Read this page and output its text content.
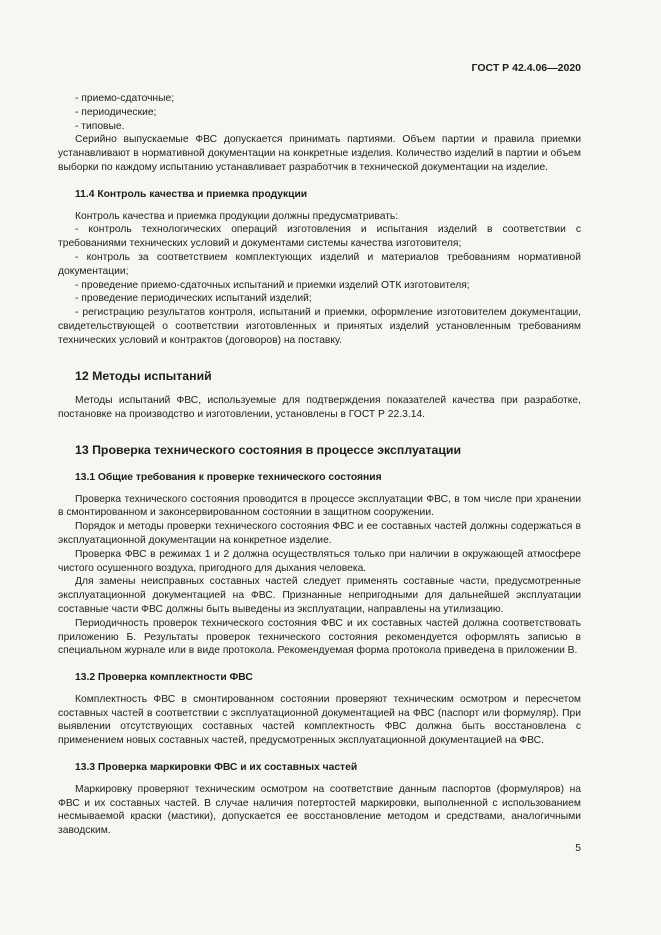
ГОСТ Р 42.4.06—2020

- приемо-сдаточные;

- периодические;

- типовые.

Серийно выпускаемые ФВС допускается принимать партиями. Объем партии и правила приемки устанавливают в нормативной документации на конкретные изделия. Количество изделий в партии и объем выборки по каждому испытанию устанавливает разработчик в технической документации на изделие.

11.4 Контроль качества и приемка продукции

Контроль качества и приемка продукции должны предусматривать:

- контроль технологических операций изготовления и испытания изделий в соответствии с требованиями технических условий и документами системы качества изготовителя;

- контроль за соответствием комплектующих изделий и материалов требованиям нормативной документации;

- проведение приемо-сдаточных испытаний и приемки изделий ОТК изготовителя;

- проведение периодических испытаний изделий;

- регистрацию результатов контроля, испытаний и приемки, оформление изготовителем документации, свидетельствующей о соответствии изготовленных и принятых изделий установленным требованиям технических условий и контрактов (договоров) на поставку.

12 Методы испытаний

Методы испытаний ФВС, используемые для подтверждения показателей качества при разработке, постановке на производство и изготовлении, установлены в ГОСТ Р 22.3.14.

13 Проверка технического состояния в процессе эксплуатации
13.1 Общие требования к проверке технического состояния

Проверка технического состояния проводится в процессе эксплуатации ФВС, в том числе при хранении в смонтированном и законсервированном состоянии в защитном сооружении.

Порядок и методы проверки технического состояния ФВС и ее составных частей должны содержаться в эксплуатационной документации на конкретное изделие.

Проверка ФВС в режимах 1 и 2 должна осуществляться только при наличии в окружающей атмосфере чистого осушенного воздуха, пригодного для дыхания человека.

Для замены неисправных составных частей следует применять составные части, предусмотренные эксплуатационной документацией на ФВС. Признанные непригодными для дальнейшей эксплуатации составные части ФВС должны быть выведены из эксплуатации, направлены на утилизацию.

Периодичность проверок технического состояния ФВС и их составных частей должна соответствовать приложению Б. Результаты проверок технического состояния рекомендуется оформлять записью в специальном журнале или в виде протокола. Рекомендуемая форма протокола приведена в приложении В.

13.2 Проверка комплектности ФВС

Комплектность ФВС в смонтированном состоянии проверяют техническим осмотром и пересчетом составных частей в соответствии с эксплуатационной документацией на ФВС (паспорт или формуляр). При выявлении отсутствующих составных частей комплектность ФВС должна быть восстановлена с применением новых составных частей, предусмотренных эксплуатационной документацией на ФВС.

13.3 Проверка маркировки ФВС и их составных частей

Маркировку проверяют техническим осмотром на соответствие данным паспортов (формуляров) на ФВС и их составных частей. В случае наличия потертостей маркировки, выполненной с использованием несмываемой краски (мастики), допускается ее восстановление методом и средствами, аналогичными заводским.

5
